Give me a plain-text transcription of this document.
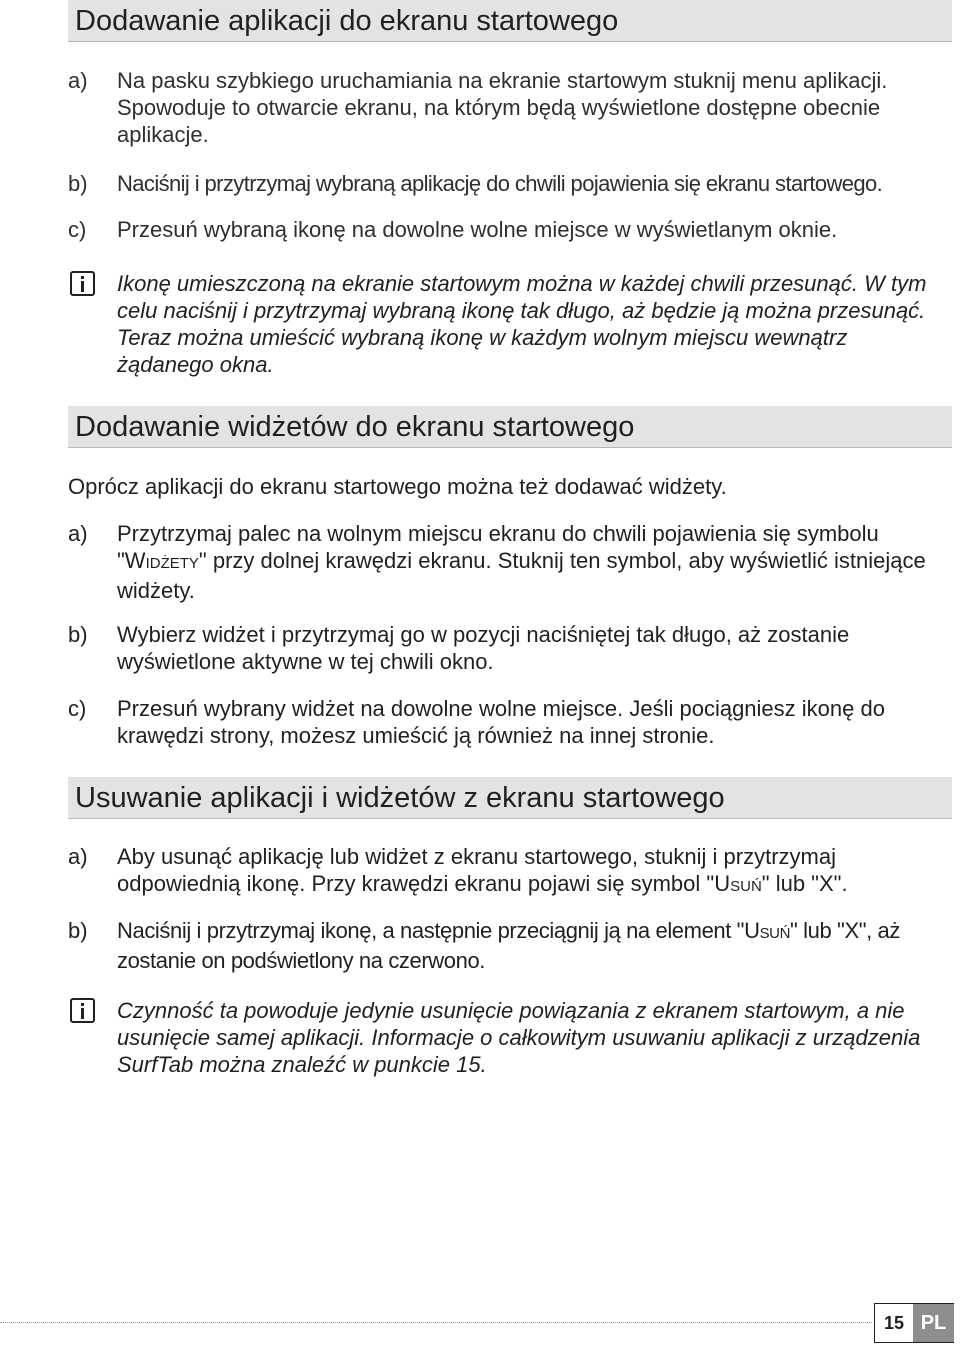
Dodawanie aplikacji do ekranu startowego
a)	Na pasku szybkiego uruchamiania na ekranie startowym stuknij menu aplikacji. Spowoduje to otwarcie ekranu, na którym będą wyświetlone dostępne obecnie aplikacje.
b)	Naciśnij i przytrzymaj wybraną aplikację do chwili pojawienia się ekranu startowego.
c)	Przesuń wybraną ikonę na dowolne wolne miejsce w wyświetlanym oknie.
Ikonę umieszczoną na ekranie startowym można w każdej chwili przesunąć. W tym celu naciśnij i przytrzymaj wybraną ikonę tak długo, aż będzie ją można przesunąć. Teraz można umieścić wybraną ikonę w każdym wolnym miejscu wewnątrz żądanego okna.
Dodawanie widżetów do ekranu startowego
Oprócz aplikacji do ekranu startowego można też dodawać widżety.
a)	Przytrzymaj palec na wolnym miejscu ekranu do chwili pojawienia się symbolu "WIDŻETY" przy dolnej krawędzi ekranu. Stuknij ten symbol, aby wyświetlić istniejące widżety.
b)	Wybierz widżet i przytrzymaj go w pozycji naciśniętej tak długo, aż zostanie wyświetlone aktywne w tej chwili okno.
c)	Przesuń wybrany widżet na dowolne wolne miejsce. Jeśli pociągniesz ikonę do krawędzi strony, możesz umieścić ją również na innej stronie.
Usuwanie aplikacji i widżetów z ekranu startowego
a)	Aby usunąć aplikację lub widżet z ekranu startowego, stuknij i przytrzymaj odpowiednią ikonę. Przy krawędzi ekranu pojawi się symbol "USUŃ" lub "X".
b)	Naciśnij i przytrzymaj ikonę, a następnie przeciągnij ją na element "USUŃ" lub "X", aż zostanie on podświetlony na czerwono.
Czynność ta powoduje jedynie usunięcie powiązania z ekranem startowym, a nie usunięcie samej aplikacji. Informacje o całkowitym usuwaniu aplikacji z urządzenia SurfTab można znaleźć w punkcie 15.
15 PL
